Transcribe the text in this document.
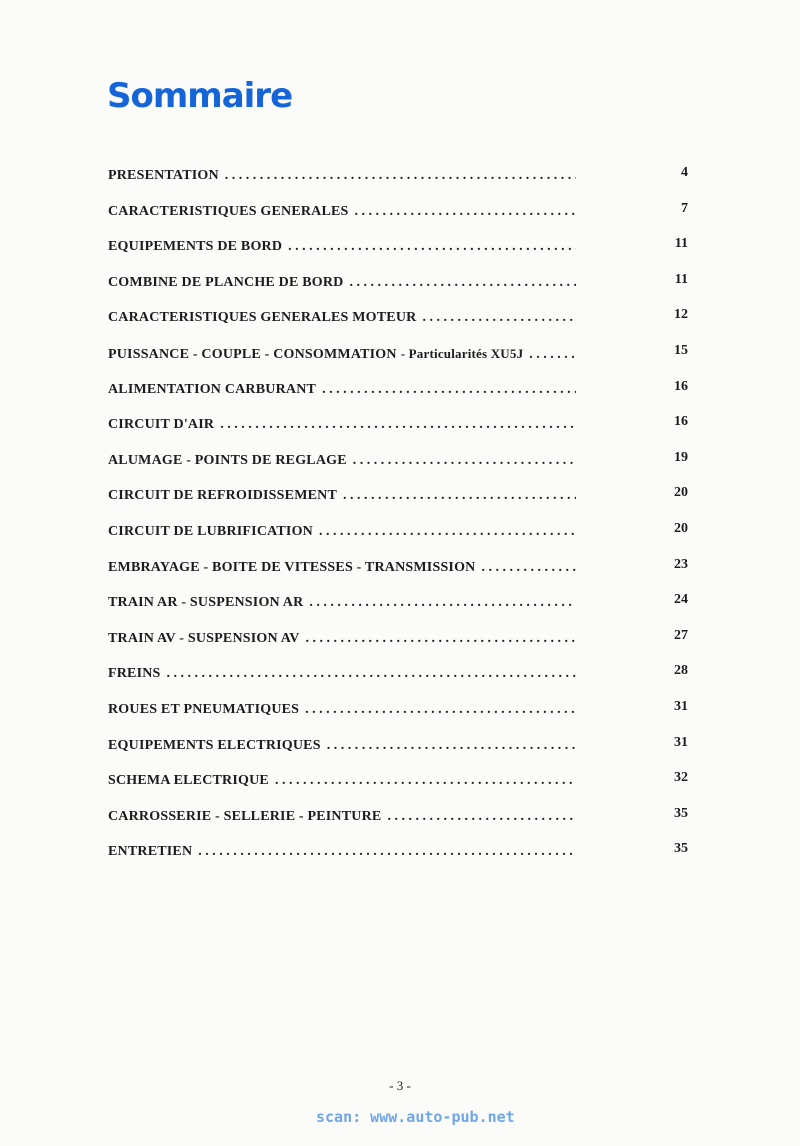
Sommaire
PRESENTATION . . .	4
CARACTERISTIQUES GENERALES . . .	7
EQUIPEMENTS DE BORD . . .	11
COMBINE DE PLANCHE DE BORD . . .	11
CARACTERISTIQUES GENERALES MOTEUR . . .	12
PUISSANCE - COUPLE - CONSOMMATION - Particularités XU5J . . .	15
ALIMENTATION CARBURANT . . .	16
CIRCUIT D'AIR . . .	16
ALUMAGE - POINTS DE REGLAGE . . .	19
CIRCUIT DE REFROIDISSEMENT . . .	20
CIRCUIT DE LUBRIFICATION . . .	20
EMBRAYAGE - BOITE DE VITESSES - TRANSMISSION . . .	23
TRAIN AR - SUSPENSION AR . . .	24
TRAIN AV - SUSPENSION AV . . .	27
FREINS . . .	28
ROUES ET PNEUMATIQUES . . .	31
EQUIPEMENTS ELECTRIQUES . . .	31
SCHEMA ELECTRIQUE . . .	32
CARROSSERIE - SELLERIE - PEINTURE . . .	35
ENTRETIEN . . .	35

- 3 -

scan: www.auto-pub.net
